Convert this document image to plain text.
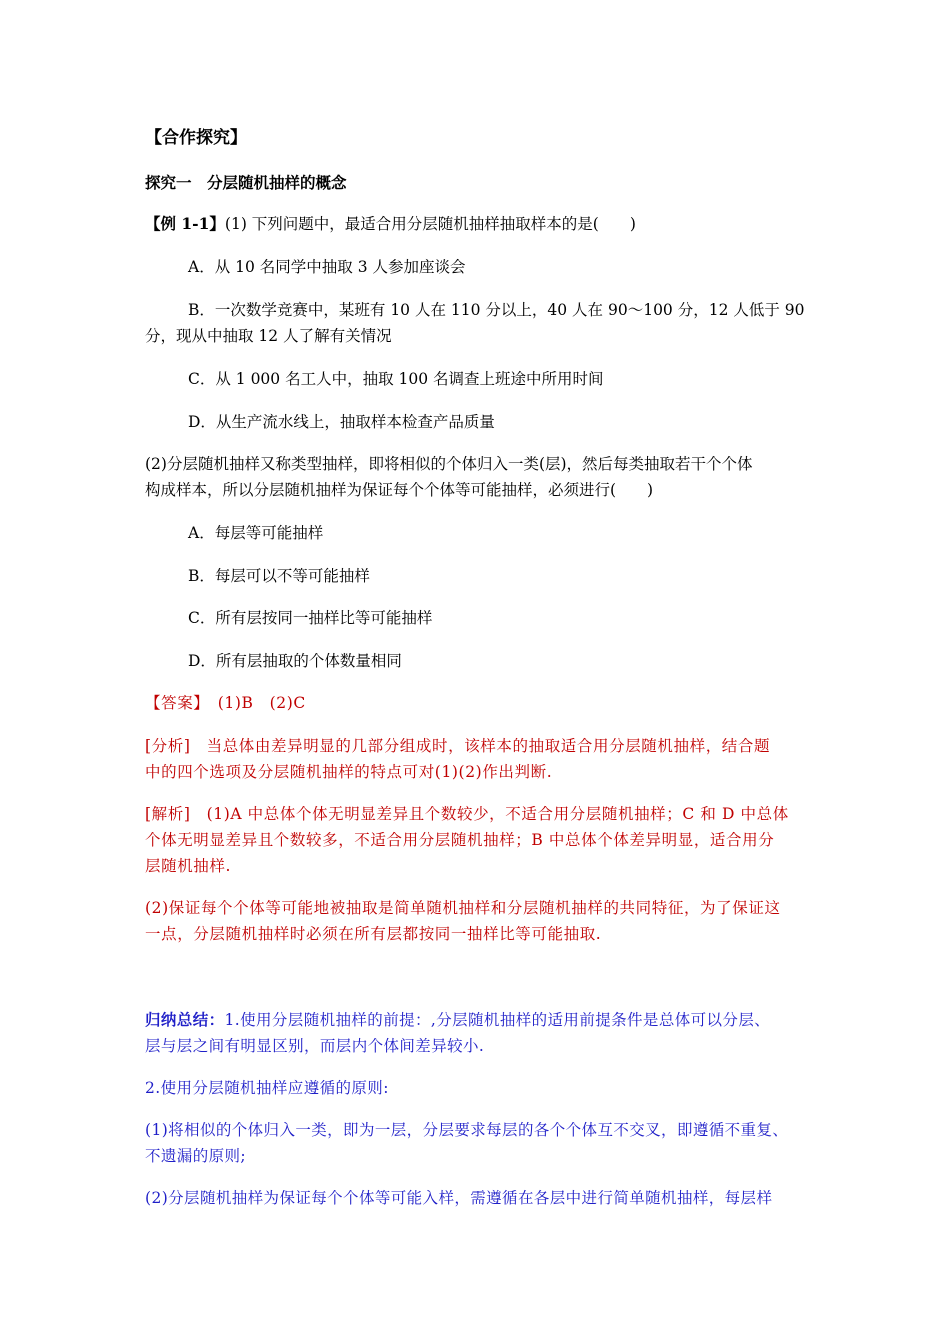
【合作探究】
探究一　分层随机抽样的概念
【例 1-1】(1) 下列问题中，最适合用分层随机抽样抽取样本的是(　　)
A．从 10 名同学中抽取 3 人参加座谈会
B．一次数学竞赛中，某班有 10 人在 110 分以上，40 人在 90～100 分，12 人低于 90
分，现从中抽取 12 人了解有关情况
C．从 1 000 名工人中，抽取 100 名调查上班途中所用时间
D．从生产流水线上，抽取样本检查产品质量
(2)分层随机抽样又称类型抽样，即将相似的个体归入一类(层)，然后每类抽取若干个个体
构成样本，所以分层随机抽样为保证每个个体等可能抽样，必须进行(　　)
A．每层等可能抽样
B．每层可以不等可能抽样
C．所有层按同一抽样比等可能抽样
D．所有层抽取的个体数量相同
【答案】　 (1)B　(2)C
[分析]　当总体由差异明显的几部分组成时，该样本的抽取适合用分层随机抽样，结合题
中的四个选项及分层随机抽样的特点可对(1)(2)作出判断.
[解析]　(1)A 中总体个体无明显差异且个数较少，不适合用分层随机抽样；C 和 D 中总体
个体无明显差异且个数较多，不适合用分层随机抽样；B 中总体个体差异明显，适合用分
层随机抽样.
(2)保证每个个体等可能地被抽取是简单随机抽样和分层随机抽样的共同特征，为了保证这
一点，分层随机抽样时必须在所有层都按同一抽样比等可能抽取.
归纳总结：1.使用分层随机抽样的前提：,分层随机抽样的适用前提条件是总体可以分层、
层与层之间有明显区别，而层内个体间差异较小.
2.使用分层随机抽样应遵循的原则:
(1)将相似的个体归入一类，即为一层，分层要求每层的各个个体互不交叉，即遵循不重复、
不遗漏的原则;
(2)分层随机抽样为保证每个个体等可能入样，需遵循在各层中进行简单随机抽样，每层样
